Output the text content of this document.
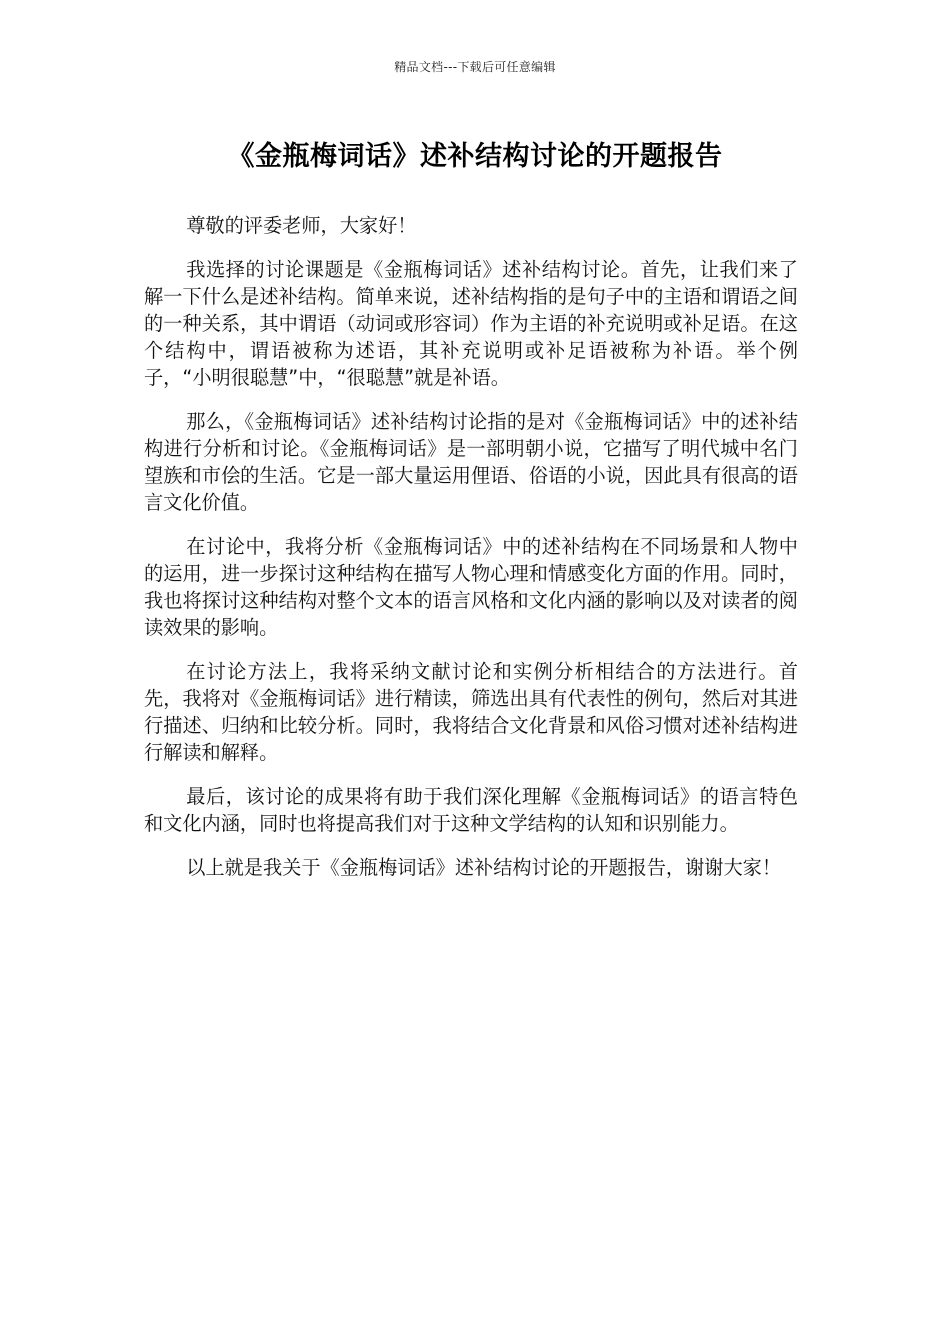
精品文档---下载后可任意编辑
《金瓶梅词话》述补结构讨论的开题报告

尊敬的评委老师，大家好！

我选择的讨论课题是《金瓶梅词话》述补结构讨论。首先，让我们来了解一下什么是述补结构。简单来说，述补结构指的是句子中的主语和谓语之间的一种关系，其中谓语（动词或形容词）作为主语的补充说明或补足语。在这个结构中，谓语被称为述语，其补充说明或补足语被称为补语。举个例子，“小明很聪慧”中，“很聪慧”就是补语。

那么，《金瓶梅词话》述补结构讨论指的是对《金瓶梅词话》中的述补结构进行分析和讨论。《金瓶梅词话》是一部明朝小说，它描写了明代城中名门望族和市侩的生活。它是一部大量运用俚语、俗语的小说，因此具有很高的语言文化价值。

在讨论中，我将分析《金瓶梅词话》中的述补结构在不同场景和人物中的运用，进一步探讨这种结构在描写人物心理和情感变化方面的作用。同时，我也将探讨这种结构对整个文本的语言风格和文化内涵的影响以及对读者的阅读效果的影响。

在讨论方法上，我将采纳文献讨论和实例分析相结合的方法进行。首先，我将对《金瓶梅词话》进行精读，筛选出具有代表性的例句，然后对其进行描述、归纳和比较分析。同时，我将结合文化背景和风俗习惯对述补结构进行解读和解释。

最后，该讨论的成果将有助于我们深化理解《金瓶梅词话》的语言特色和文化内涵，同时也将提高我们对于这种文学结构的认知和识别能力。

以上就是我关于《金瓶梅词话》述补结构讨论的开题报告，谢谢大家！
